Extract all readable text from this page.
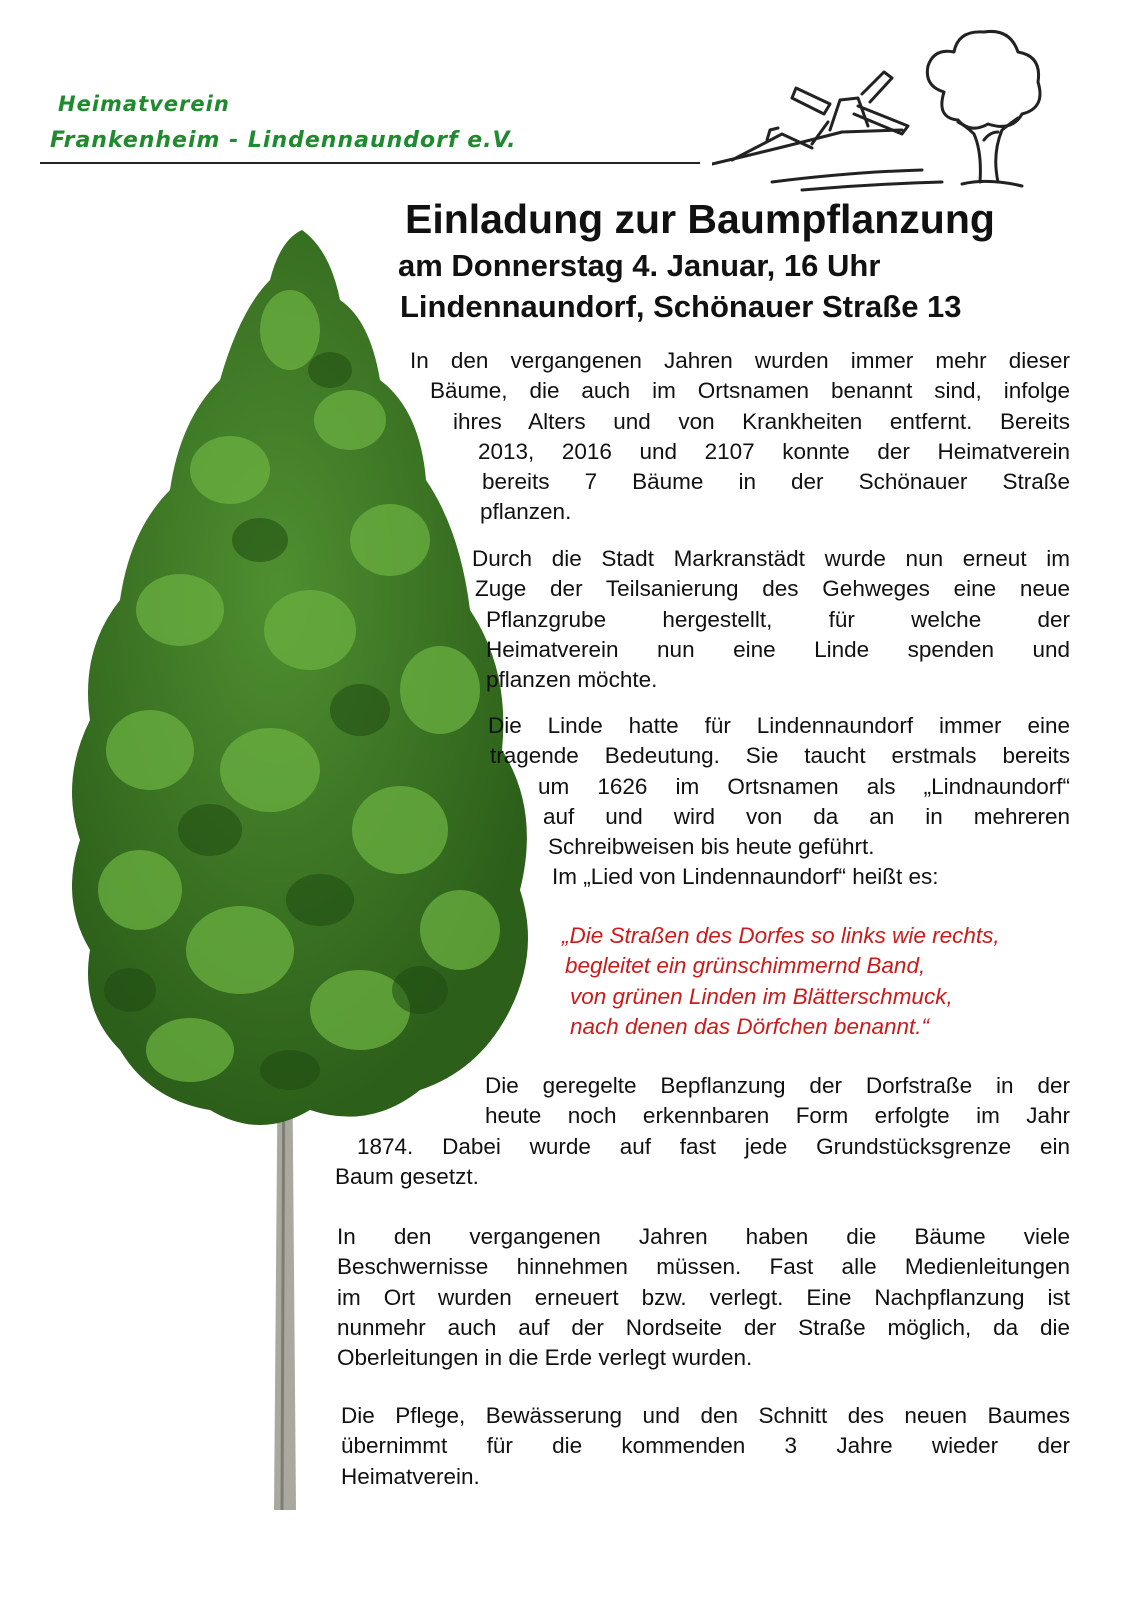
Heimatverein
Frankenheim - Lindennaundorf e.V.
Einladung zur Baumpflanzung
am Donnerstag 4. Januar, 16 Uhr
Lindennaundorf, Schönauer Straße 13
In den vergangenen Jahren wurden immer mehr dieser
Bäume, die auch im Ortsnamen benannt sind, infolge
ihres Alters und von Krankheiten entfernt. Bereits
2013, 2016 und 2107 konnte der Heimatverein
bereits 7 Bäume in der Schönauer Straße
pflanzen.
Durch die Stadt Markranstädt wurde nun erneut im
Zuge der Teilsanierung des Gehweges eine neue
Pflanzgrube hergestellt, für welche der
Heimatverein nun eine Linde spenden und
pflanzen möchte.
Die Linde hatte für Lindennaundorf immer eine
tragende Bedeutung. Sie taucht erstmals bereits
um 1626 im Ortsnamen als „Lindnaundorf“
auf und wird von da an in mehreren
Schreibweisen bis heute geführt.
Im „Lied von Lindennaundorf“ heißt es:
„Die Straßen des Dorfes so links wie rechts,
begleitet ein grünschimmernd Band,
von grünen Linden im Blätterschmuck,
nach denen das Dörfchen benannt.“
Die geregelte Bepflanzung der Dorfstraße in der
heute noch erkennbaren Form erfolgte im Jahr
1874. Dabei wurde auf fast jede Grundstücksgrenze ein
Baum gesetzt.
In den vergangenen Jahren haben die Bäume viele
Beschwernisse hinnehmen müssen. Fast alle Medienleitungen
im Ort wurden erneuert bzw. verlegt. Eine Nachpflanzung ist
nunmehr auch auf der Nordseite der Straße möglich, da die
Oberleitungen in die Erde verlegt wurden.
Die Pflege, Bewässerung und den Schnitt des neuen Baumes
übernimmt für die kommenden 3 Jahre wieder der
Heimatverein.
